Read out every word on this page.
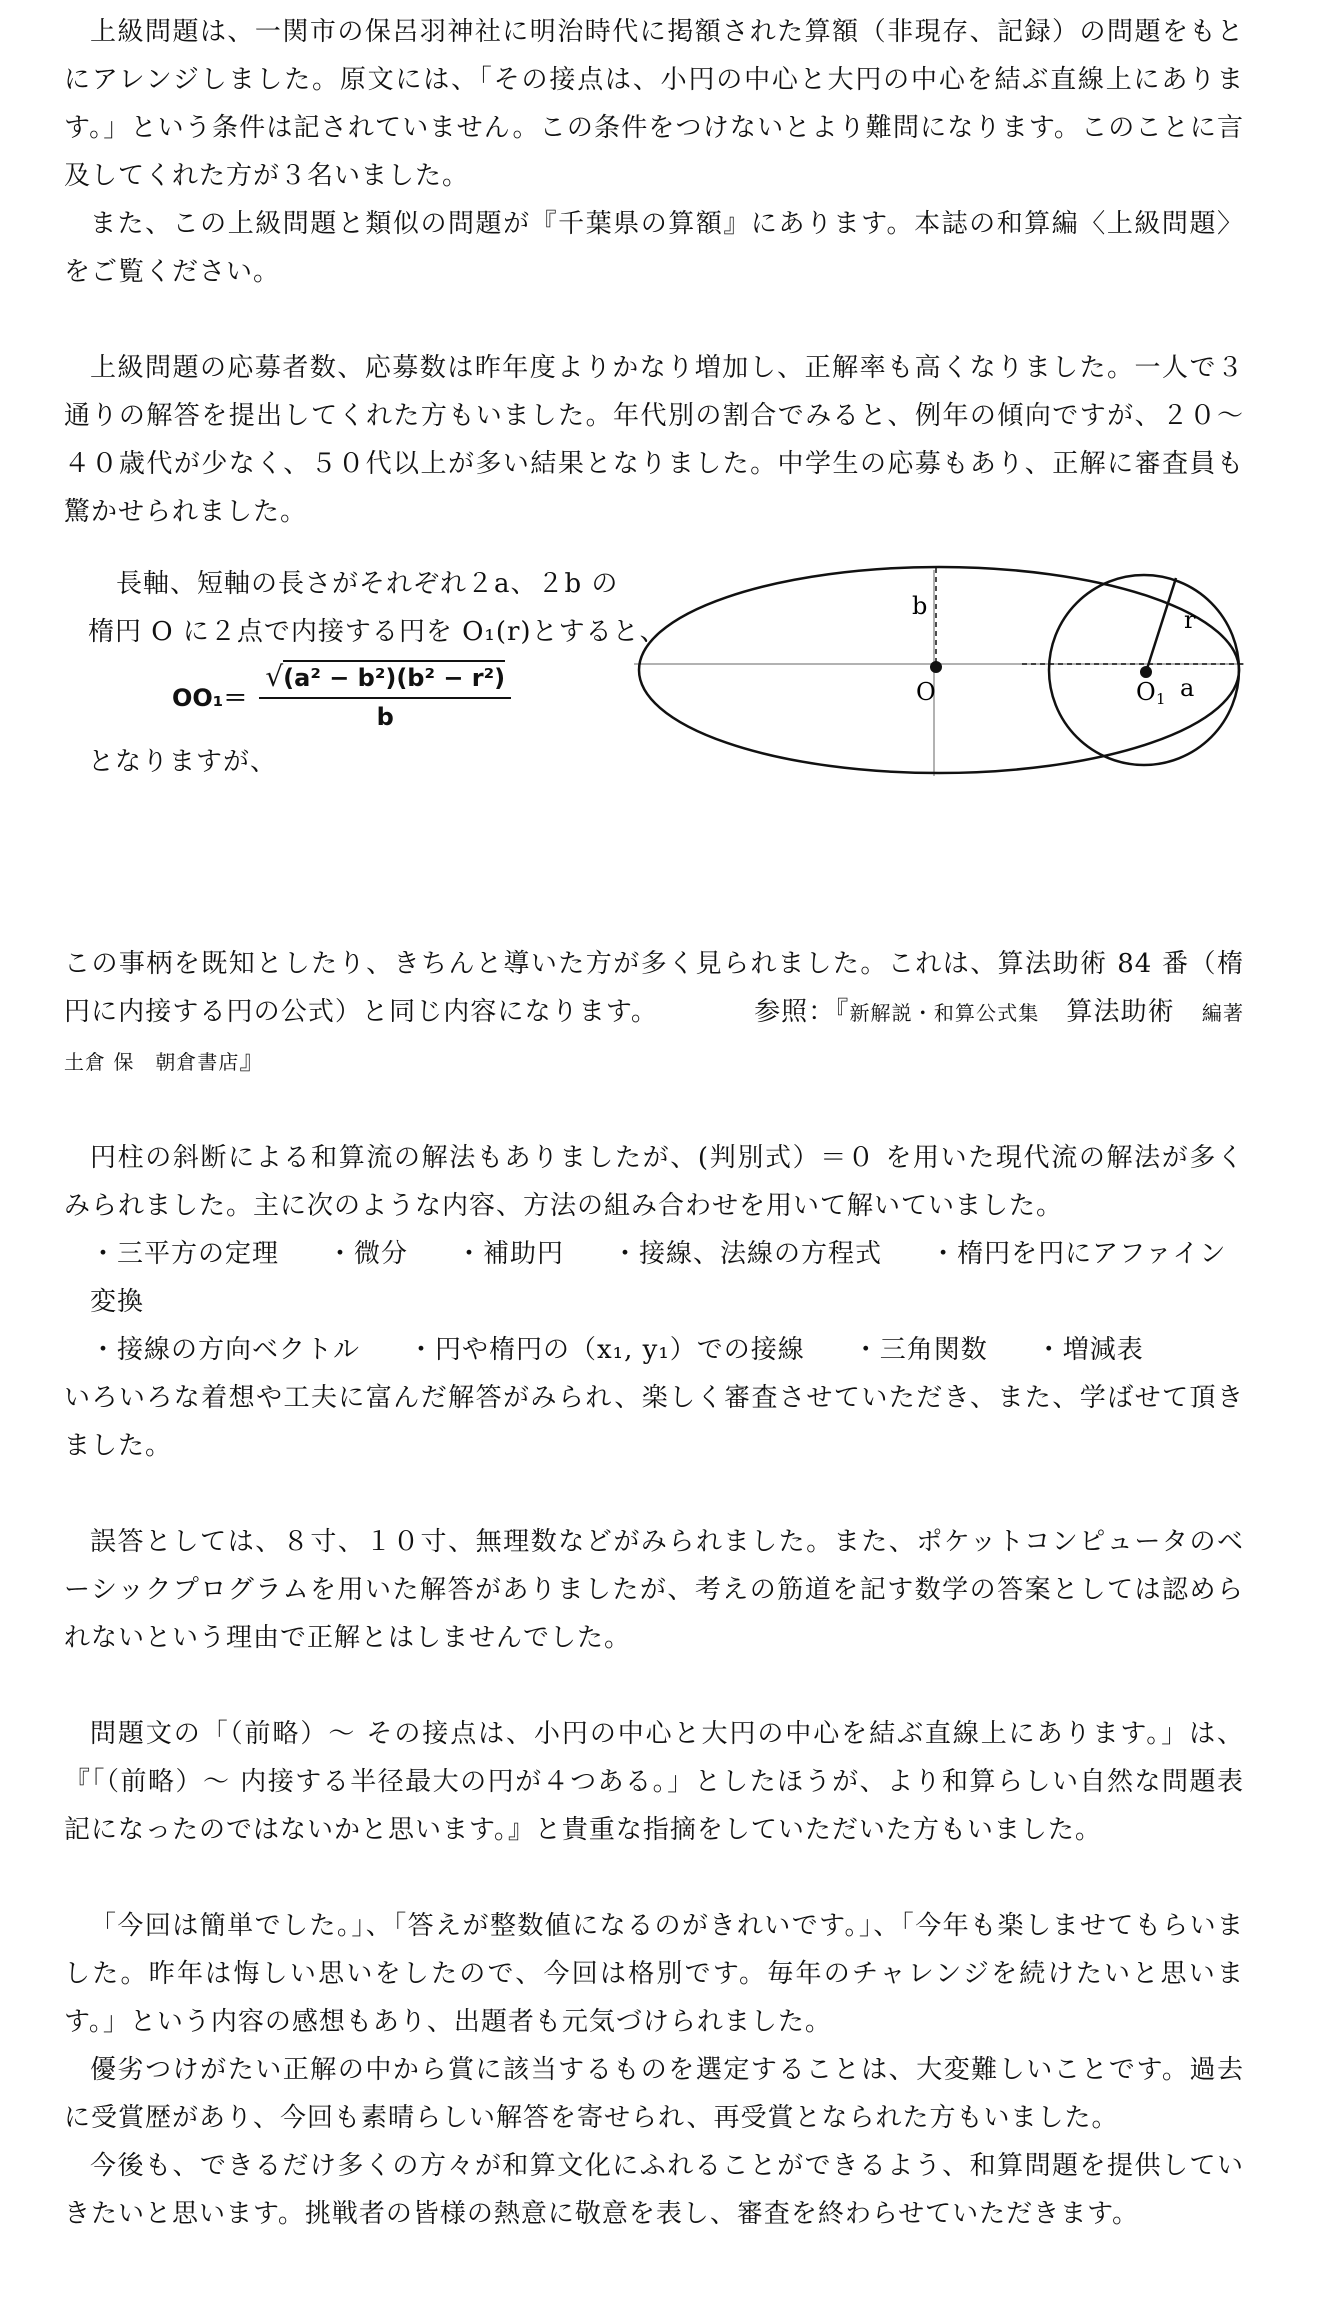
上級問題は、一関市の保呂羽神社に明治時代に掲額された算額（非現存、記録）の問題をもとにアレンジしました。原文には、「その接点は、小円の中心と大円の中心を結ぶ直線上にあります。」という条件は記されていません。この条件をつけないとより難問になります。このことに言及してくれた方が３名いました。

また、この上級問題と類似の問題が『千葉県の算額』にあります。本誌の和算編〈上級問題〉をご覧ください。

上級問題の応募者数、応募数は昨年度よりかなり増加し、正解率も高くなりました。一人で３通りの解答を提出してくれた方もいました。年代別の割合でみると、例年の傾向ですが、２０～４０歳代が少なく、５０代以上が多い結果となりました。中学生の応募もあり、正解に審査員も驚かせられました。

長軸、短軸の長さがそれぞれ２a、２b の

楕円 O に２点で内接する円を O₁(r)とすると、

$OO_1= \frac{\text{√(a² − b²)(b² − r²)}}{b}$

となりますが、

b	r
O	O 1 a

この事柄を既知としたり、きちんと導いた方が多く見られました。これは、算法助術 84 番（楕円に内接する円の公式）と同じ内容になります。	参照：『新解説・和算公式集　 算法助術　 編著　土倉 保　朝倉書店』

円柱の斜断による和算流の解法もありましたが、(判別式）＝０ を用いた現代流の解法が多くみられました。主に次のような内容、方法の組み合わせを用いて解いていました。

・三平方の定理 ・微分 ・補助円 ・接線、法線の方程式 ・楕円を円にアファイン変換

・接線の方向ベクトル ・円や楕円の（x₁, y₁）での接線 ・三角関数 ・増減表

いろいろな着想や工夫に富んだ解答がみられ、楽しく審査させていただき、また、学ばせて頂きました。

誤答としては、８寸、１０寸、無理数などがみられました。また、ポケットコンピュータのベーシックプログラムを用いた解答がありましたが、考えの筋道を記す数学の答案としては認められないという理由で正解とはしませんでした。

問題文の「（前略）～ その接点は、小円の中心と大円の中心を結ぶ直線上にあります。」は、『「（前略）～ 内接する半径最大の円が４つある。」としたほうが、より和算らしい自然な問題表記になったのではないかと思います。』と貴重な指摘をしていただいた方もいました。

「今回は簡単でした。」、「答えが整数値になるのがきれいです。」、「今年も楽しませてもらいました。昨年は悔しい思いをしたので、今回は格別です。毎年のチャレンジを続けたいと思います。」という内容の感想もあり、出題者も元気づけられました。

優劣つけがたい正解の中から賞に該当するものを選定することは、大変難しいことです。過去に受賞歴があり、今回も素晴らしい解答を寄せられ、再受賞となられた方もいました。

今後も、できるだけ多くの方々が和算文化にふれることができるよう、和算問題を提供していきたいと思います。挑戦者の皆様の熱意に敬意を表し、審査を終わらせていただきます。
